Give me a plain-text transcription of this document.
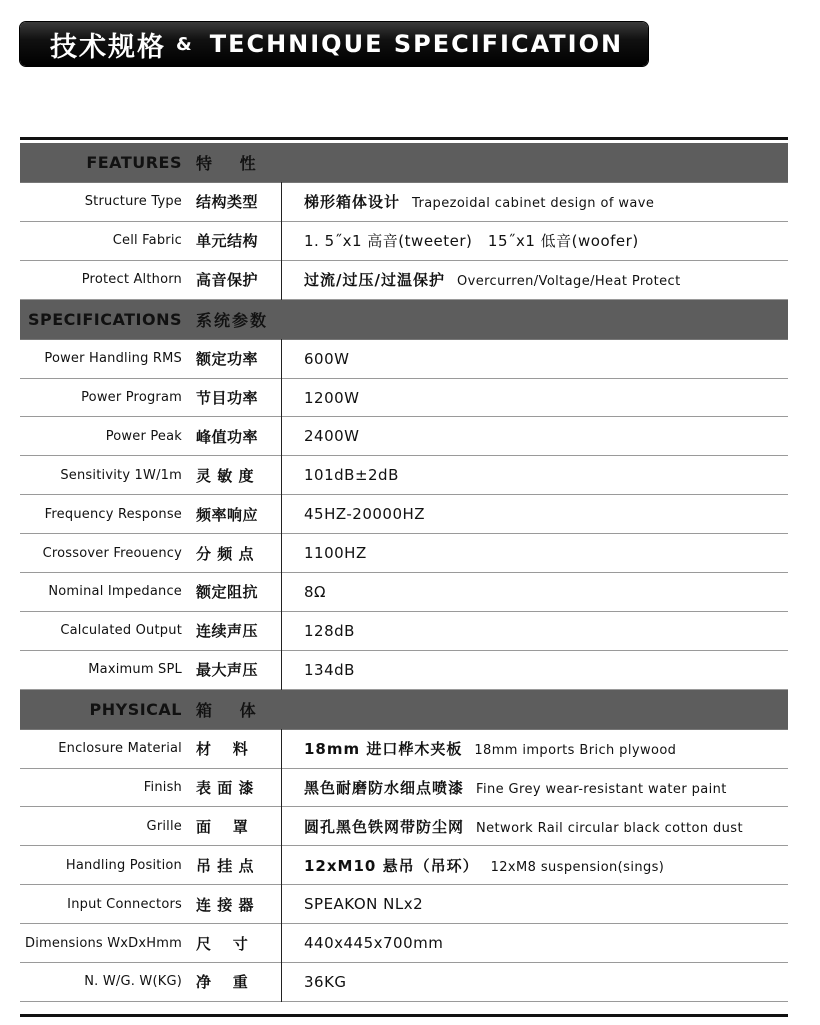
技术规格 & TECHNIQUE SPECIFICATION
FEATURES 特　 性
Structure Type 结构类型	梯形箱体设计 Trapezoidal cabinet design of wave
Cell Fabric 单元结构	1. 5˝x1 高音(tweeter)　15˝x1 低音(woofer)
Protect Althorn 高音保护	过流/过压/过温保护 Overcurren/Voltage/Heat Protect
SPECIFICATIONS 系统参数
Power Handling RMS 额定功率	600W
Power Program 节目功率	1200W
Power Peak 峰值功率	2400W
Sensitivity 1W/1m 灵 敏 度	101dB±2dB
Frequency Response 频率响应	45HZ-20000HZ
Crossover Freouency 分 频 点	1100HZ
Nominal Impedance 额定阻抗	8Ω
Calculated Output 连续声压	128dB
Maximum SPL 最大声压	134dB
PHYSICAL 箱　 体
Enclosure Material 材　 料	18mm 进口桦木夹板 18mm imports Brich plywood
Finish 表 面 漆	黑色耐磨防水细点喷漆 Fine Grey wear-resistant water paint
Grille 面　 罩	圆孔黑色铁网带防尘网 Network Rail circular black cotton dust
Handling Position 吊 挂 点	12xM10 悬吊（吊环） 12xM8 suspension(sings)
Input Connectors 连 接 器	SPEAKON NLx2
Dimensions WxDxHmm 尺　 寸	440x445x700mm
N. W/G. W(KG) 净　 重	36KG
